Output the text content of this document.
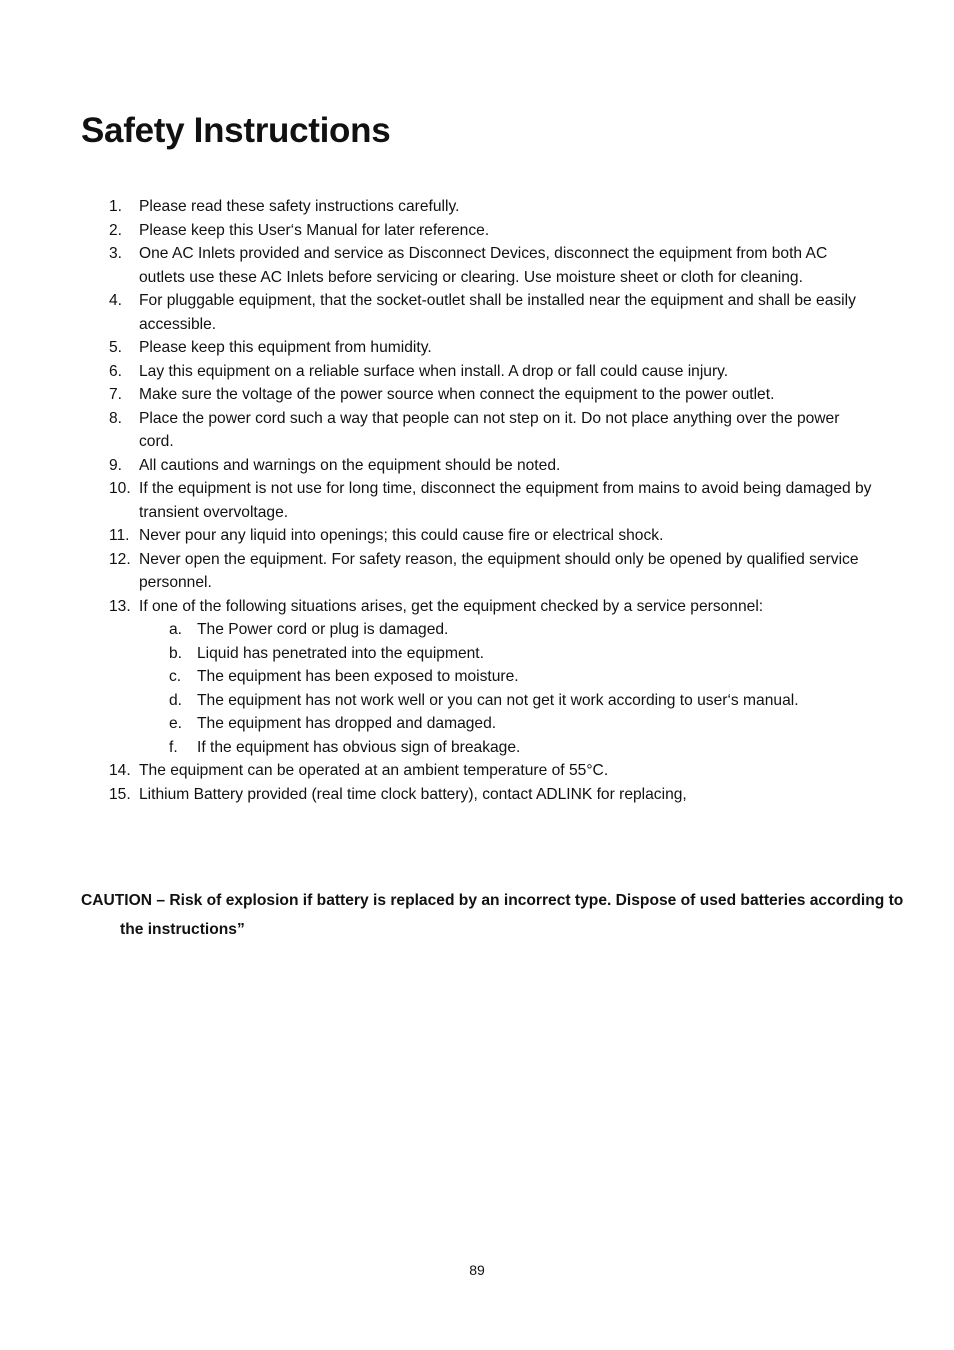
Safety Instructions
1. Please read these safety instructions carefully.
2. Please keep this User‘s Manual for later reference.
3. One AC Inlets provided and service as Disconnect Devices, disconnect the equipment from both AC outlets use these AC Inlets before servicing or clearing. Use moisture sheet or cloth for cleaning.
4. For pluggable equipment, that the socket-outlet shall be installed near the equipment and shall be easily accessible.
5. Please keep this equipment from humidity.
6. Lay this equipment on a reliable surface when install. A drop or fall could cause injury.
7. Make sure the voltage of the power source when connect the equipment to the power outlet.
8. Place the power cord such a way that people can not step on it. Do not place anything over the power cord.
9. All cautions and warnings on the equipment should be noted.
10. If the equipment is not use for long time, disconnect the equipment from mains to avoid being damaged by transient overvoltage.
11. Never pour any liquid into openings; this could cause fire or electrical shock.
12. Never open the equipment. For safety reason, the equipment should only be opened by qualified service personnel.
13. If one of the following situations arises, get the equipment checked by a service personnel:
a. The Power cord or plug is damaged.
b. Liquid has penetrated into the equipment.
c. The equipment has been exposed to moisture.
d. The equipment has not work well or you can not get it work according to user‘s manual.
e. The equipment has dropped and damaged.
f. If the equipment has obvious sign of breakage.
14. The equipment can be operated at an ambient temperature of 55°C.
15. Lithium Battery provided (real time clock battery), contact ADLINK for replacing,

CAUTION – Risk of explosion if battery is replaced by an incorrect type. Dispose of used batteries according to the instructions”

89
